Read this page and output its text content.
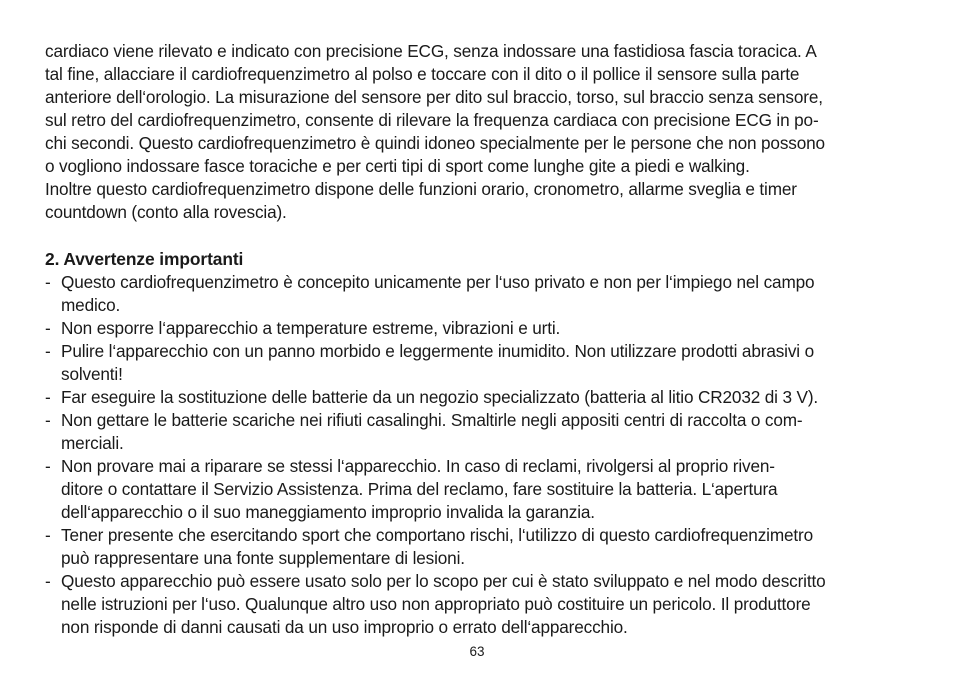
cardiaco viene rilevato e indicato con precisione ECG, senza indossare una fastidiosa fascia toracica. A
tal fine, allacciare il cardiofrequenzimetro al polso e toccare con il dito o il pollice il sensore sulla parte
anteriore dell‘orologio. La misurazione del sensore per dito sul braccio, torso, sul braccio senza sensore,
sul retro del cardiofrequenzimetro, consente di rilevare la frequenza cardiaca con precisione ECG in po-
chi secondi. Questo cardiofrequenzimetro è quindi idoneo specialmente per le persone che non possono
o vogliono indossare fasce toraciche e per certi tipi di sport come lunghe gite a piedi e walking.
Inoltre questo cardiofrequenzimetro dispone delle funzioni orario, cronometro, allarme sveglia e timer
countdown (conto alla rovescia).
2. Avvertenze importanti
- Questo cardiofrequenzimetro è concepito unicamente per l‘uso privato e non per l‘impiego nel campo
medico.
- Non esporre l‘apparecchio a temperature estreme, vibrazioni e urti.
- Pulire l‘apparecchio con un panno morbido e leggermente inumidito. Non utilizzare prodotti abrasivi o
solventi!
- Far eseguire la sostituzione delle batterie da un negozio specializzato (batteria al litio CR2032 di 3 V).
- Non gettare le batterie scariche nei rifiuti casalinghi. Smaltirle negli appositi centri di raccolta o com-
merciali.
- Non provare mai a riparare se stessi l‘apparecchio. In caso di reclami, rivolgersi al proprio riven-
ditore o contattare il Servizio Assistenza. Prima del reclamo, fare sostituire la batteria. L‘apertura
dell‘apparecchio o il suo maneggiamento improprio invalida la garanzia.
- Tener presente che esercitando sport che comportano rischi, l‘utilizzo di questo cardiofrequenzimetro
può rappresentare una fonte supplementare di lesioni.
- Questo apparecchio può essere usato solo per lo scopo per cui è stato sviluppato e nel modo descritto
nelle istruzioni per l‘uso. Qualunque altro uso non appropriato può costituire un pericolo. Il produttore
non risponde di danni causati da un uso improprio o errato dell‘apparecchio.
63
